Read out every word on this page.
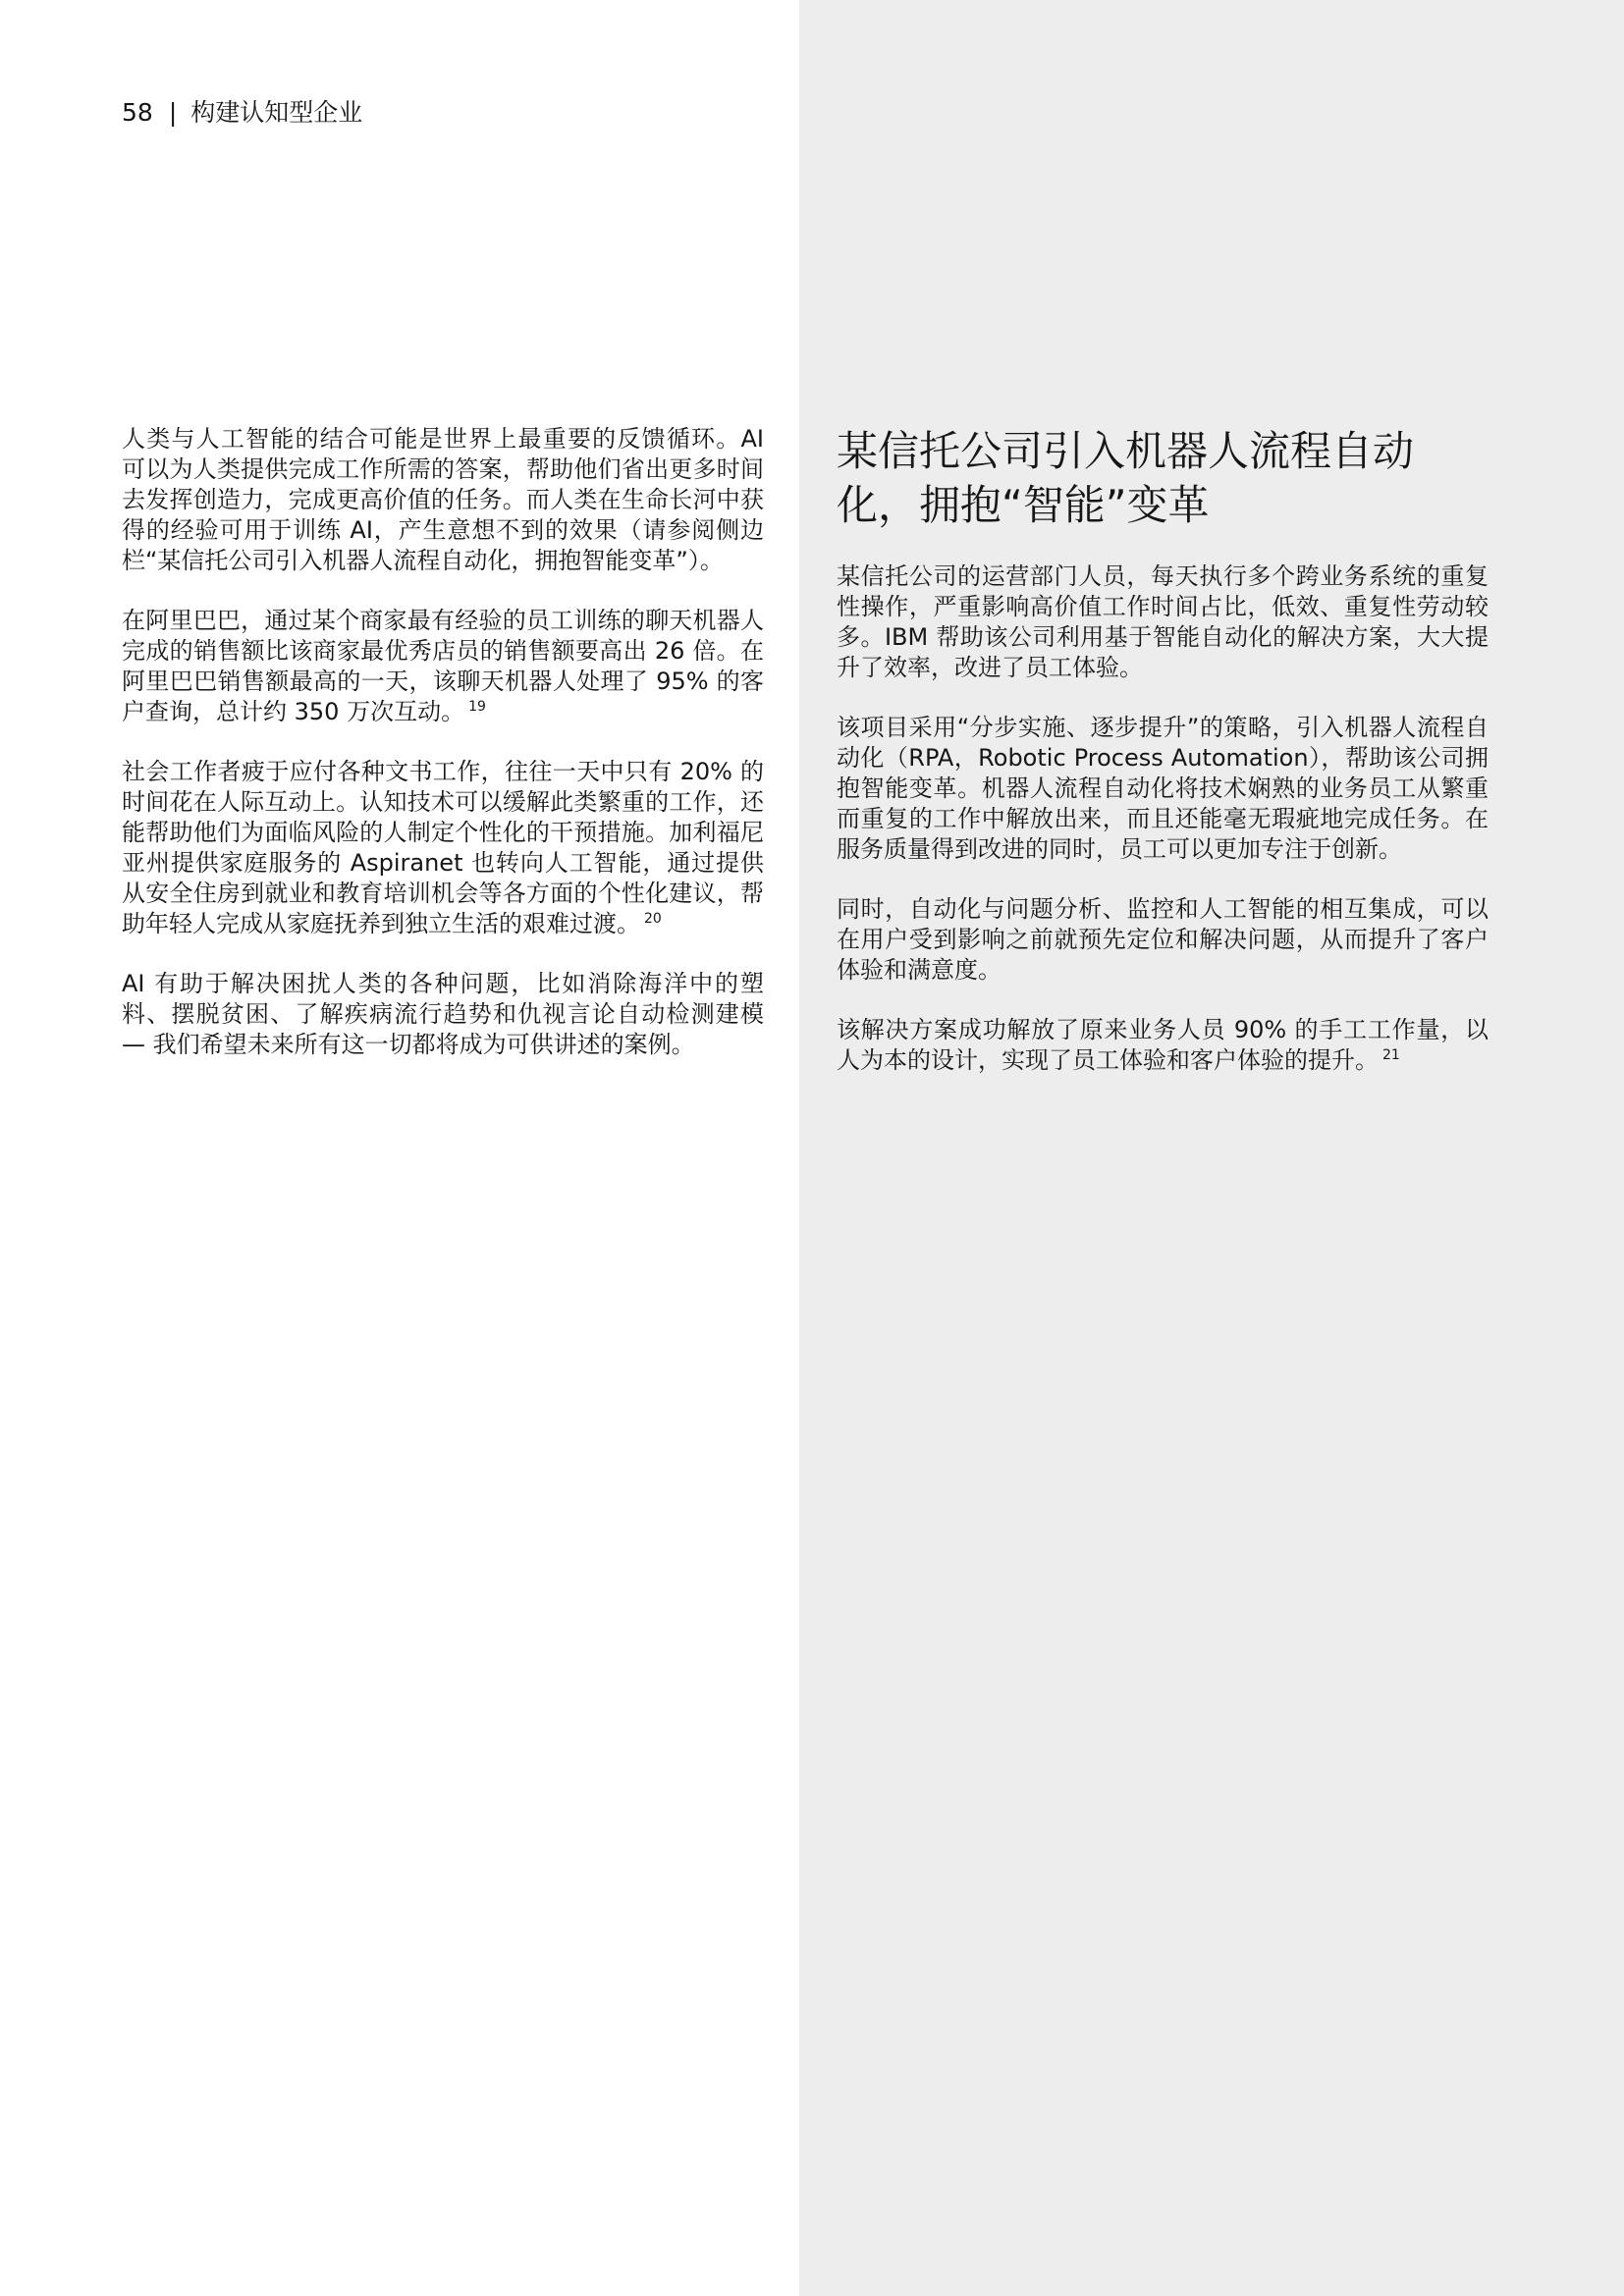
58 | 构建认知型企业

人类与人工智能的结合可能是世界上最重要的反馈循环。AI 可以为人类提供完成工作所需的答案，帮助他们省出更多时间去发挥创造力，完成更高价值的任务。而人类在生命长河中获得的经验可用于训练 AI，产生意想不到的效果（请参阅侧边栏“某信托公司引入机器人流程自动化，拥抱智能变革”）。

在阿里巴巴，通过某个商家最有经验的员工训练的聊天机器人完成的销售额比该商家最优秀店员的销售额要高出 26 倍。在阿里巴巴销售额最高的一天，该聊天机器人处理了 95% 的客户查询，总计约 350 万次互动。 $^{19}$

社会工作者疲于应付各种文书工作，往往一天中只有 20% 的时间花在人际互动上。认知技术可以缓解此类繁重的工作，还能帮助他们为面临风险的人制定个性化的干预措施。加利福尼亚州提供家庭服务的 Aspiranet 也转向人工智能，通过提供从安全住房到就业和教育培训机会等各方面的个性化建议，帮助年轻人完成从家庭抚养到独立生活的艰难过渡。 $^{20}$

AI 有助于解决困扰人类的各种问题，比如消除海洋中的塑料、摆脱贫困、了解疾病流行趋势和仇视言论自动检测建模 — 我们希望未来所有这一切都将成为可供讲述的案例。

某信托公司引入机器人流程自动化，拥抱“智能”变革

某信托公司的运营部门人员，每天执行多个跨业务系统的重复性操作，严重影响高价值工作时间占比，低效、重复性劳动较多。IBM 帮助该公司利用基于智能自动化的解决方案，大大提升了效率，改进了员工体验。

该项目采用“分步实施、逐步提升”的策略，引入机器人流程自动化（RPA，Robotic Process Automation），帮助该公司拥抱智能变革。机器人流程自动化将技术娴熟的业务员工从繁重而重复的工作中解放出来，而且还能毫无瑕疵地完成任务。在服务质量得到改进的同时，员工可以更加专注于创新。

同时，自动化与问题分析、监控和人工智能的相互集成，可以在用户受到影响之前就预先定位和解决问题，从而提升了客户体验和满意度。

该解决方案成功解放了原来业务人员 90% 的手工工作量，以人为本的设计，实现了员工体验和客户体验的提升。 $^{21}$
